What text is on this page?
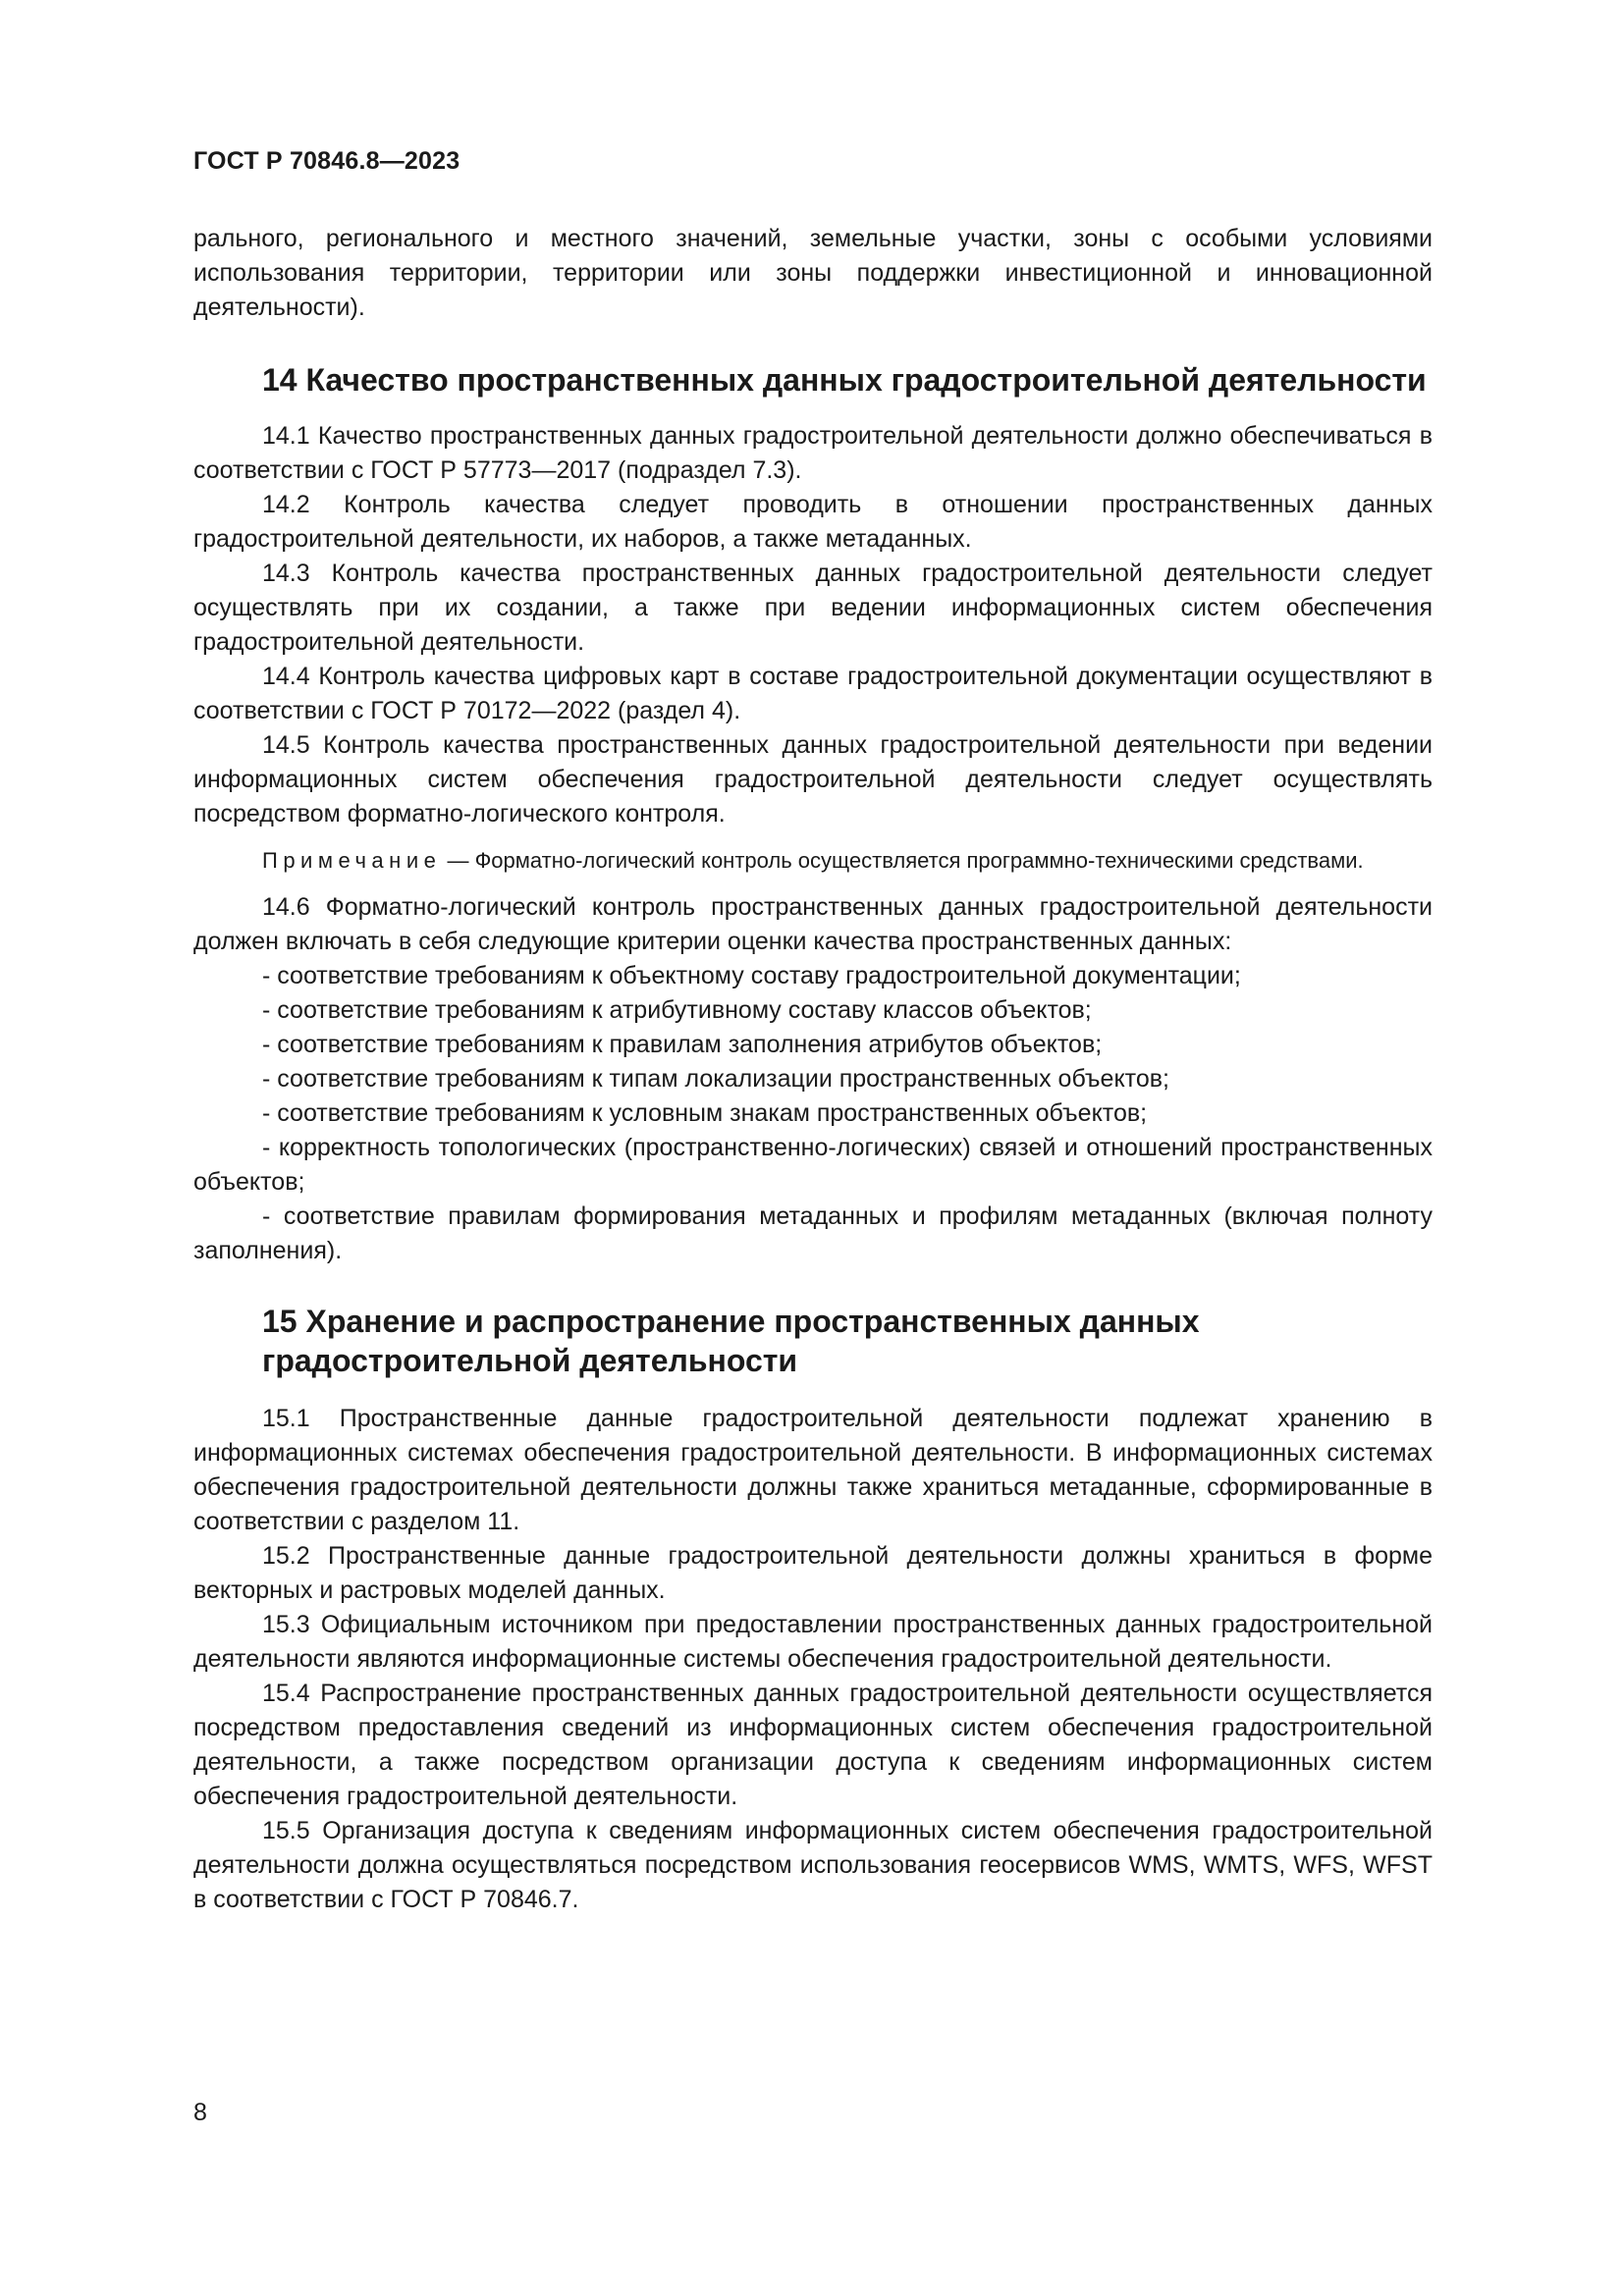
ГОСТ Р 70846.8—2023

рального, регионального и местного значений, земельные участки, зоны с особыми условиями использования территории, территории или зоны поддержки инвестиционной и инновационной деятельности).

14 Качество пространственных данных градостроительной деятельности

14.1 Качество пространственных данных градостроительной деятельности должно обеспечиваться в соответствии с ГОСТ Р 57773—2017 (подраздел 7.3).

14.2 Контроль качества следует проводить в отношении пространственных данных градостроительной деятельности, их наборов, а также метаданных.

14.3 Контроль качества пространственных данных градостроительной деятельности следует осуществлять при их создании, а также при ведении информационных систем обеспечения градостроительной деятельности.

14.4 Контроль качества цифровых карт в составе градостроительной документации осуществляют в соответствии с ГОСТ Р 70172—2022 (раздел 4).

14.5 Контроль качества пространственных данных градостроительной деятельности при ведении информационных систем обеспечения градостроительной деятельности следует осуществлять посредством форматно-логического контроля.

Примечание — Форматно-логический контроль осуществляется программно-техническими средствами.

14.6 Форматно-логический контроль пространственных данных градостроительной деятельности должен включать в себя следующие критерии оценки качества пространственных данных:

- соответствие требованиям к объектному составу градостроительной документации;

- соответствие требованиям к атрибутивному составу классов объектов;

- соответствие требованиям к правилам заполнения атрибутов объектов;

- соответствие требованиям к типам локализации пространственных объектов;

- соответствие требованиям к условным знакам пространственных объектов;

- корректность топологических (пространственно-логических) связей и отношений пространственных объектов;

- соответствие правилам формирования метаданных и профилям метаданных (включая полноту заполнения).

15 Хранение и распространение пространственных данных
градостроительной деятельности

15.1 Пространственные данные градостроительной деятельности подлежат хранению в информационных системах обеспечения градостроительной деятельности. В информационных системах обеспечения градостроительной деятельности должны также храниться метаданные, сформированные в соответствии с разделом 11.

15.2 Пространственные данные градостроительной деятельности должны храниться в форме векторных и растровых моделей данных.

15.3 Официальным источником при предоставлении пространственных данных градостроительной деятельности являются информационные системы обеспечения градостроительной деятельности.

15.4 Распространение пространственных данных градостроительной деятельности осуществляется посредством предоставления сведений из информационных систем обеспечения градостроительной деятельности, а также посредством организации доступа к сведениям информационных систем обеспечения градостроительной деятельности.

15.5 Организация доступа к сведениям информационных систем обеспечения градостроительной деятельности должна осуществляться посредством использования геосервисов WMS, WMTS, WFS, WFST в соответствии с ГОСТ Р 70846.7.

8
